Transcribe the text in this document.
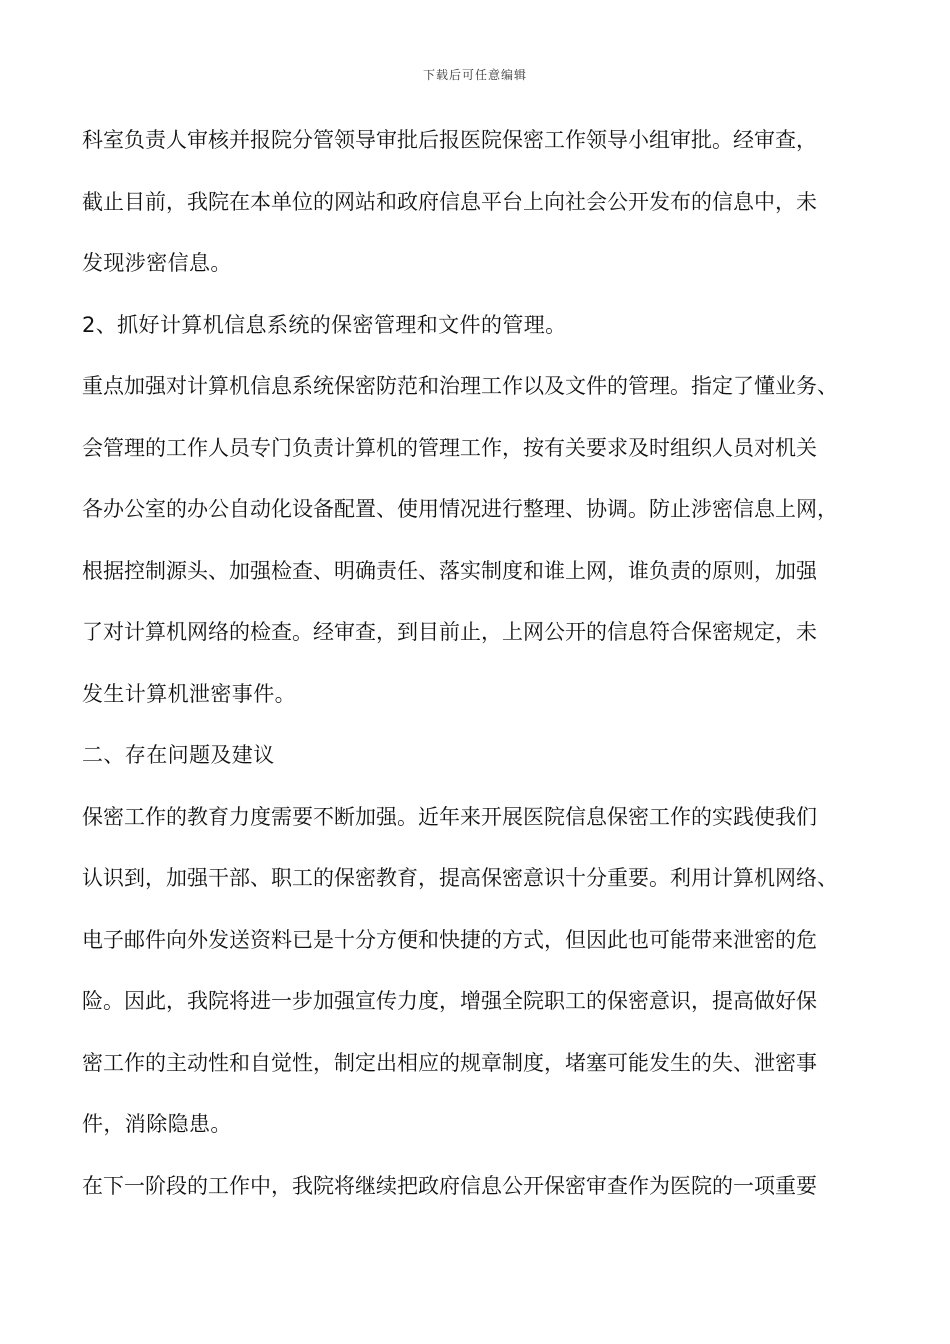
下载后可任意编辑
科室负责人审核并报院分管领导审批后报医院保密工作领导小组审批。经审查，
截止目前，我院在本单位的网站和政府信息平台上向社会公开发布的信息中，未
发现涉密信息。
2、抓好计算机信息系统的保密管理和文件的管理。
重点加强对计算机信息系统保密防范和治理工作以及文件的管理。指定了懂业务、
会管理的工作人员专门负责计算机的管理工作，按有关要求及时组织人员对机关
各办公室的办公自动化设备配置、使用情况进行整理、协调。防止涉密信息上网，
根据控制源头、加强检查、明确责任、落实制度和谁上网，谁负责的原则，加强
了对计算机网络的检查。经审查，到目前止，上网公开的信息符合保密规定，未
发生计算机泄密事件。
二、存在问题及建议
保密工作的教育力度需要不断加强。近年来开展医院信息保密工作的实践使我们
认识到，加强干部、职工的保密教育，提高保密意识十分重要。利用计算机网络、
电子邮件向外发送资料已是十分方便和快捷的方式，但因此也可能带来泄密的危
险。因此，我院将进一步加强宣传力度，增强全院职工的保密意识，提高做好保
密工作的主动性和自觉性，制定出相应的规章制度，堵塞可能发生的失、泄密事
件，消除隐患。
在下一阶段的工作中，我院将继续把政府信息公开保密审查作为医院的一项重要
